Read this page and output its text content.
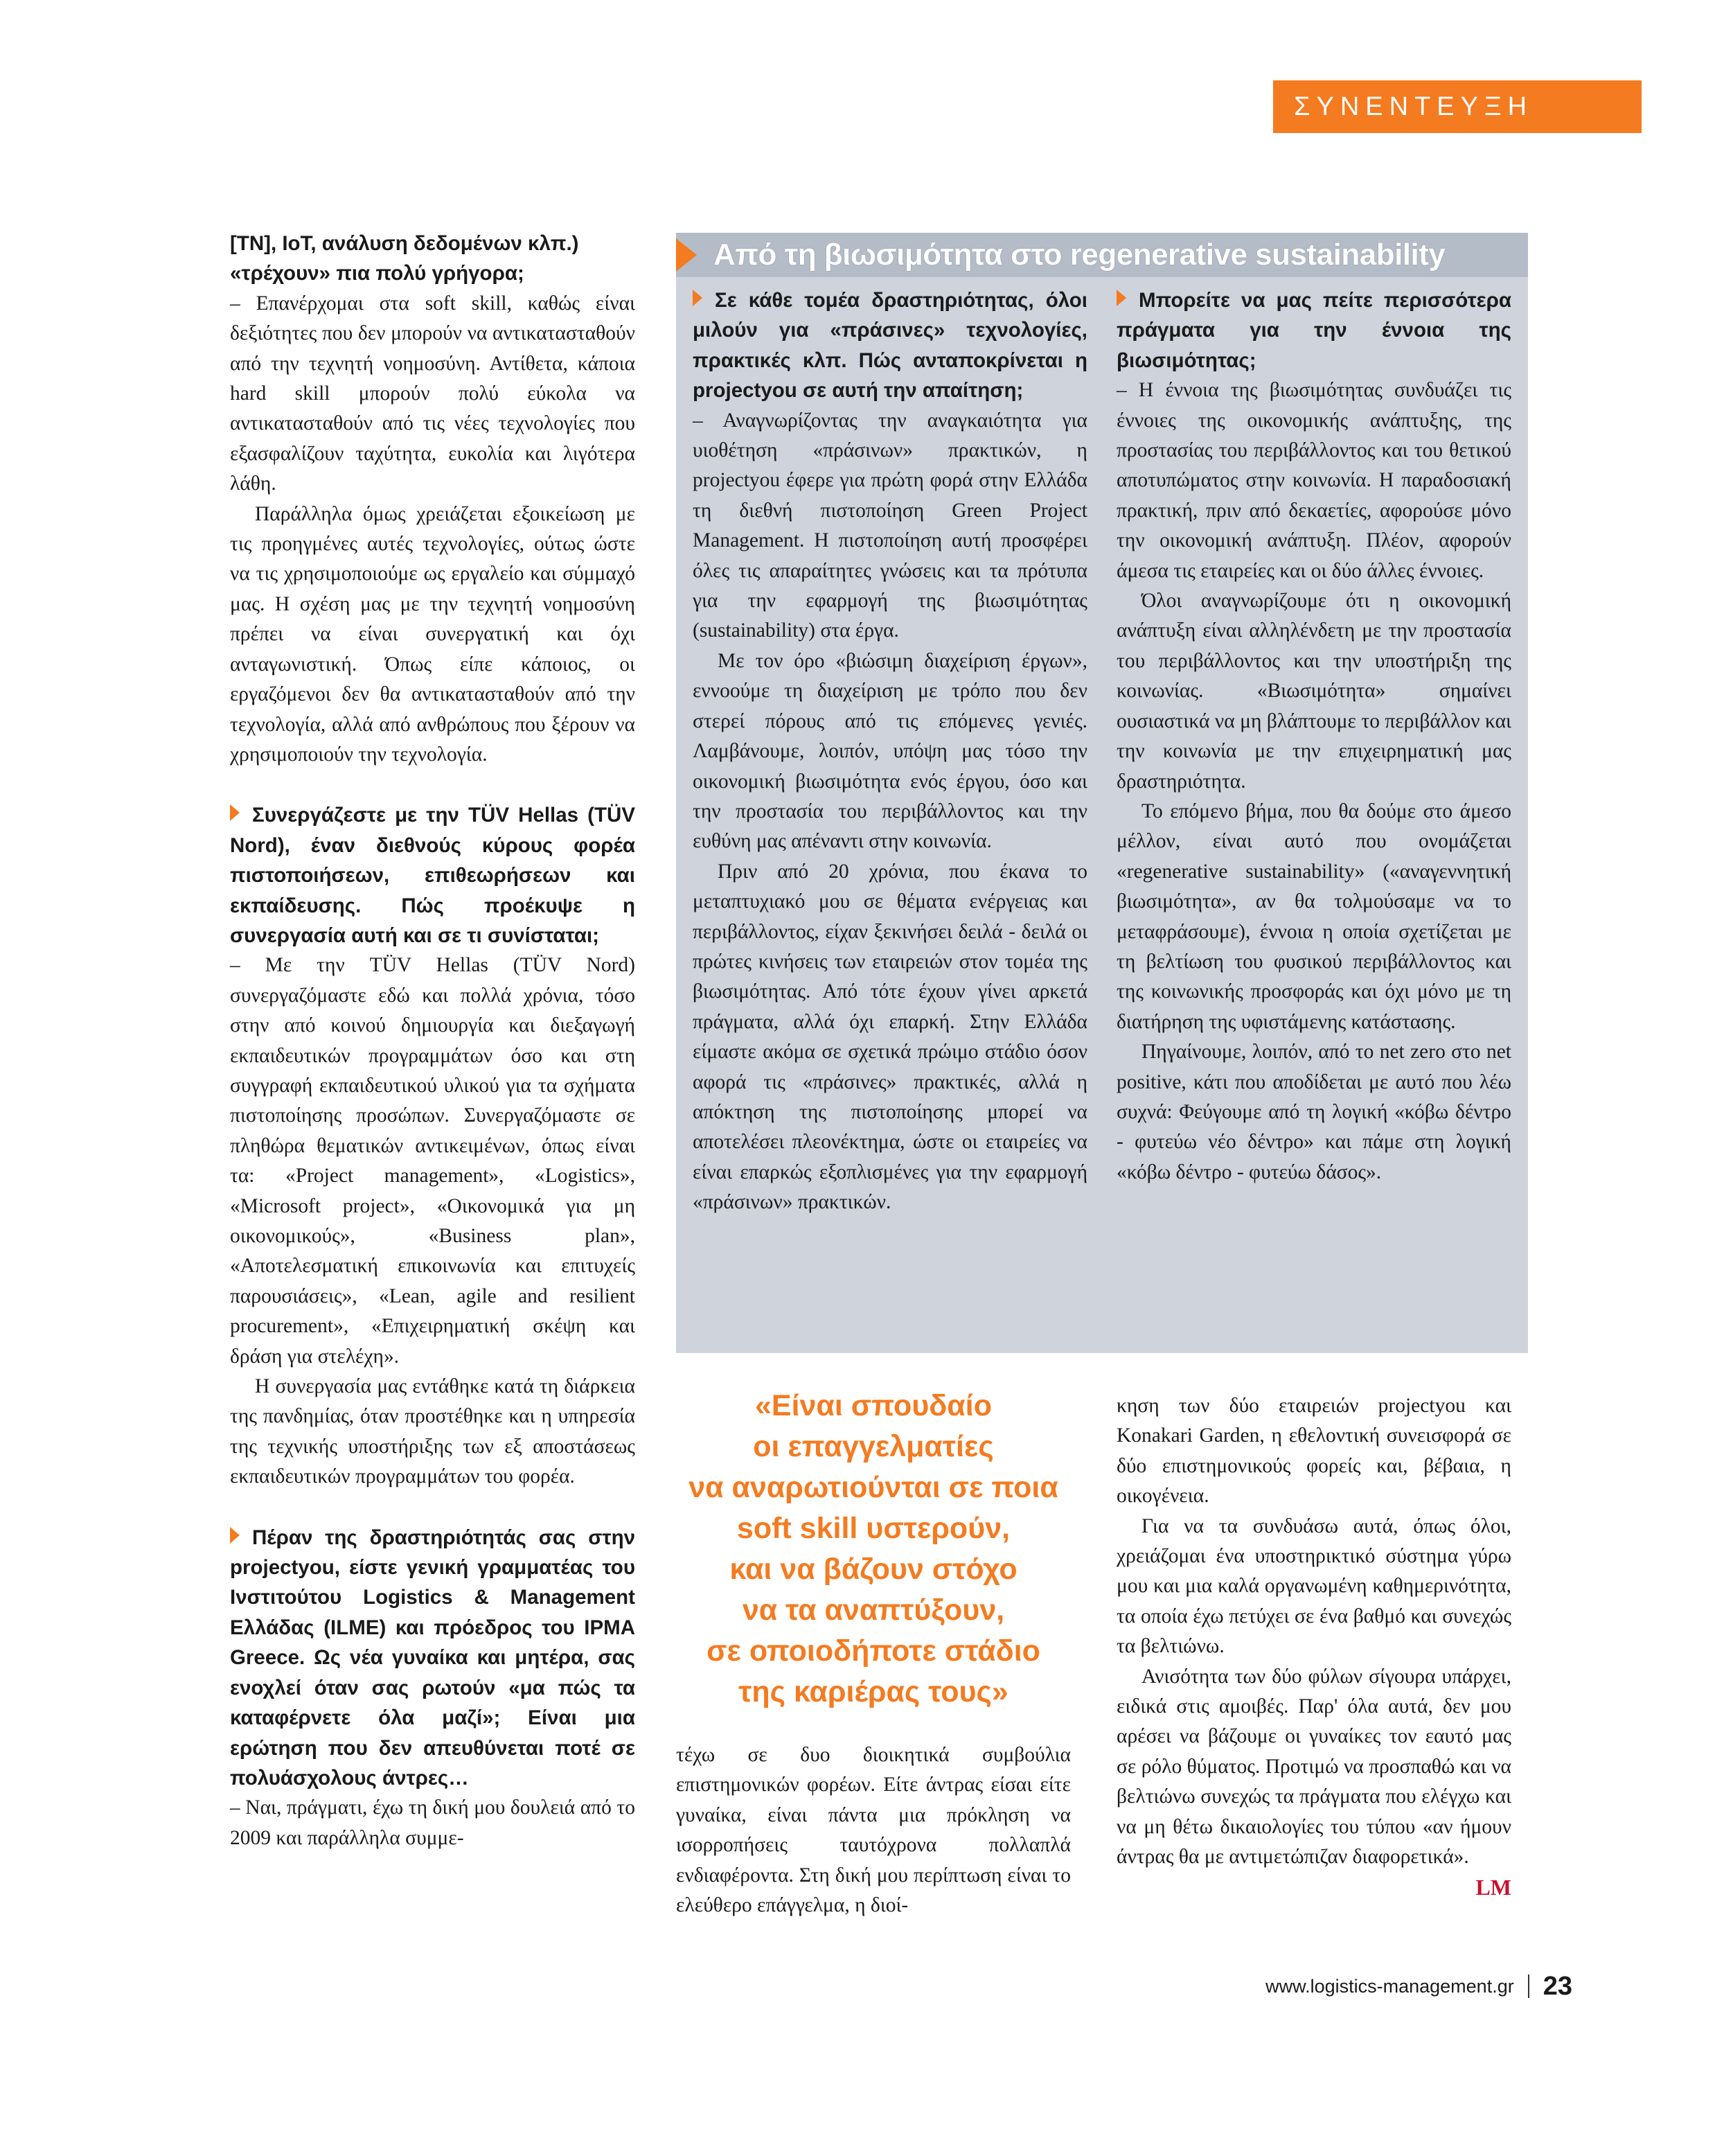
ΣΥΝΕΝΤΕΥΞΗ

[TN], IoT, ανάλυση δεδομένων κλπ.)

«τρέχουν» πια πολύ γρήγορα;

– Επανέρχομαι στα soft skill, καθώς είναι δεξιότητες που δεν μπορούν να αντικατασταθούν από την τεχνητή νοημοσύνη. Αντίθετα, κάποια hard skill μπορούν πολύ εύκολα να αντικατασταθούν από τις νέες τεχνολογίες που εξασφαλίζουν ταχύτητα, ευκολία και λιγότερα λάθη.

Παράλληλα όμως χρειάζεται εξοικείωση με τις προηγμένες αυτές τεχνολογίες, ούτως ώστε να τις χρησιμοποιούμε ως εργαλείο και σύμμαχό μας. Η σχέση μας με την τεχνητή νοημοσύνη πρέπει να είναι συνεργατική και όχι ανταγωνιστική. Όπως είπε κάποιος, οι εργαζόμενοι δεν θα αντικατασταθούν από την τεχνολογία, αλλά από ανθρώπους που ξέρουν να χρησιμοποιούν την τεχνολογία.

Συνεργάζεστε με την TÜV Hellas (TÜV Nord), έναν διεθνούς κύρους φορέα πιστοποιήσεων, επιθεωρήσεων και εκπαίδευσης. Πώς προέκυψε η συνεργασία αυτή και σε τι συνίσταται;

– Με την TÜV Hellas (TÜV Nord) συνεργαζόμαστε εδώ και πολλά χρόνια, τόσο στην από κοινού δημιουργία και διεξαγωγή εκπαιδευτικών προγραμμάτων όσο και στη συγγραφή εκπαιδευτικού υλικού για τα σχήματα πιστοποίησης προσώπων. Συνεργαζόμαστε σε πληθώρα θεματικών αντικειμένων, όπως είναι τα: «Project management», «Logistics», «Microsoft project», «Οικονομικά για μη οικονομικούς», «Business plan», «Αποτελεσματική επικοινωνία και επιτυχείς παρουσιάσεις», «Lean, agile and resilient procurement», «Επιχειρηματική σκέψη και δράση για στελέχη».

Η συνεργασία μας εντάθηκε κατά τη διάρκεια της πανδημίας, όταν προστέθηκε και η υπηρεσία της τεχνικής υποστήριξης των εξ αποστάσεως εκπαιδευτικών προγραμμάτων του φορέα.

Πέραν της δραστηριότητάς σας στην projectyou, είστε γενική γραμματέας του Ινστιτούτου Logistics & Management Ελλάδας (ILME) και πρόεδρος του IPMA Greece. Ως νέα γυναίκα και μητέρα, σας ενοχλεί όταν σας ρωτούν «μα πώς τα καταφέρνετε όλα μαζί»; Είναι μια ερώτηση που δεν απευθύνεται ποτέ σε πολυάσχολους άντρες…

– Ναι, πράγματι, έχω τη δική μου δουλειά από το 2009 και παράλληλα συμμε-

Από τη βιωσιμότητα στο regenerative sustainability

Σε κάθε τομέα δραστηριότητας, όλοι μιλούν για «πράσινες» τεχνολογίες, πρακτικές κλπ. Πώς ανταποκρίνεται η projectyou σε αυτή την απαίτηση;

– Αναγνωρίζοντας την αναγκαιότητα για υιοθέτηση «πράσινων» πρακτικών, η projectyou έφερε για πρώτη φορά στην Ελλάδα τη διεθνή πιστοποίηση Green Project Management. Η πιστοποίηση αυτή προσφέρει όλες τις απαραίτητες γνώσεις και τα πρότυπα για την εφαρμογή της βιωσιμότητας (sustainability) στα έργα.

Με τον όρο «βιώσιμη διαχείριση έργων», εννοούμε τη διαχείριση με τρόπο που δεν στερεί πόρους από τις επόμενες γενιές. Λαμβάνουμε, λοιπόν, υπόψη μας τόσο την οικονομική βιωσιμότητα ενός έργου, όσο και την προστασία του περιβάλλοντος και την ευθύνη μας απέναντι στην κοινωνία.

Πριν από 20 χρόνια, που έκανα το μεταπτυχιακό μου σε θέματα ενέργειας και περιβάλλοντος, είχαν ξεκινήσει δειλά - δειλά οι πρώτες κινήσεις των εταιρειών στον τομέα της βιωσιμότητας. Από τότε έχουν γίνει αρκετά πράγματα, αλλά όχι επαρκή. Στην Ελλάδα είμαστε ακόμα σε σχετικά πρώιμο στάδιο όσον αφορά τις «πράσινες» πρακτικές, αλλά η απόκτηση της πιστοποίησης μπορεί να αποτελέσει πλεονέκτημα, ώστε οι εταιρείες να είναι επαρκώς εξοπλισμένες για την εφαρμογή «πράσινων» πρακτικών.

Μπορείτε να μας πείτε περισσότερα πράγματα για την έννοια της βιωσιμότητας;

– Η έννοια της βιωσιμότητας συνδυάζει τις έννοιες της οικονομικής ανάπτυξης, της προστασίας του περιβάλλοντος και του θετικού αποτυπώματος στην κοινωνία. Η παραδοσιακή πρακτική, πριν από δεκαετίες, αφορούσε μόνο την οικονομική ανάπτυξη. Πλέον, αφορούν άμεσα τις εταιρείες και οι δύο άλλες έννοιες.

Όλοι αναγνωρίζουμε ότι η οικονομική ανάπτυξη είναι αλληλένδετη με την προστασία του περιβάλλοντος και την υποστήριξη της κοινωνίας. «Βιωσιμότητα» σημαίνει ουσιαστικά να μη βλάπτουμε το περιβάλλον και την κοινωνία με την επιχειρηματική μας δραστηριότητα.

Το επόμενο βήμα, που θα δούμε στο άμεσο μέλλον, είναι αυτό που ονομάζεται «regenerative sustainability» («αναγεννητική βιωσιμότητα», αν θα τολμούσαμε να το μεταφράσουμε), έννοια η οποία σχετίζεται με τη βελτίωση του φυσικού περιβάλλοντος και της κοινωνικής προσφοράς και όχι μόνο με τη διατήρηση της υφιστάμενης κατάστασης.

Πηγαίνουμε, λοιπόν, από το net zero στο net positive, κάτι που αποδίδεται με αυτό που λέω συχνά: Φεύγουμε από τη λογική «κόβω δέντρο - φυτεύω νέο δέντρο» και πάμε στη λογική «κόβω δέντρο - φυτεύω δάσος».

«Είναι σπουδαίο
οι επαγγελματίες
να αναρωτιούνται σε ποια
soft skill υστερούν,
και να βάζουν στόχο
να τα αναπτύξουν,
σε οποιοδήποτε στάδιο
της καριέρας τους»

τέχω σε δυο διοικητικά συμβούλια επιστημονικών φορέων. Είτε άντρας είσαι είτε γυναίκα, είναι πάντα μια πρόκληση να ισορροπήσεις ταυτόχρονα πολλαπλά ενδιαφέροντα. Στη δική μου περίπτωση είναι το ελεύθερο επάγγελμα, η διοί-

κηση των δύο εταιρειών projectyou και Konakari Garden, η εθελοντική συνεισφορά σε δύο επιστημονικούς φορείς και, βέβαια, η οικογένεια.

Για να τα συνδυάσω αυτά, όπως όλοι, χρειάζομαι ένα υποστηρικτικό σύστημα γύρω μου και μια καλά οργανωμένη καθημερινότητα, τα οποία έχω πετύχει σε ένα βαθμό και συνεχώς τα βελτιώνω.

Ανισότητα των δύο φύλων σίγουρα υπάρχει, ειδικά στις αμοιβές. Παρ' όλα αυτά, δεν μου αρέσει να βάζουμε οι γυναίκες τον εαυτό μας σε ρόλο θύματος. Προτιμώ να προσπαθώ και να βελτιώνω συνεχώς τα πράγματα που ελέγχω και να μη θέτω δικαιολογίες του τύπου «αν ήμουν άντρας θα με αντιμετώπιζαν διαφορετικά».
LM

www.logistics-management.gr 23
